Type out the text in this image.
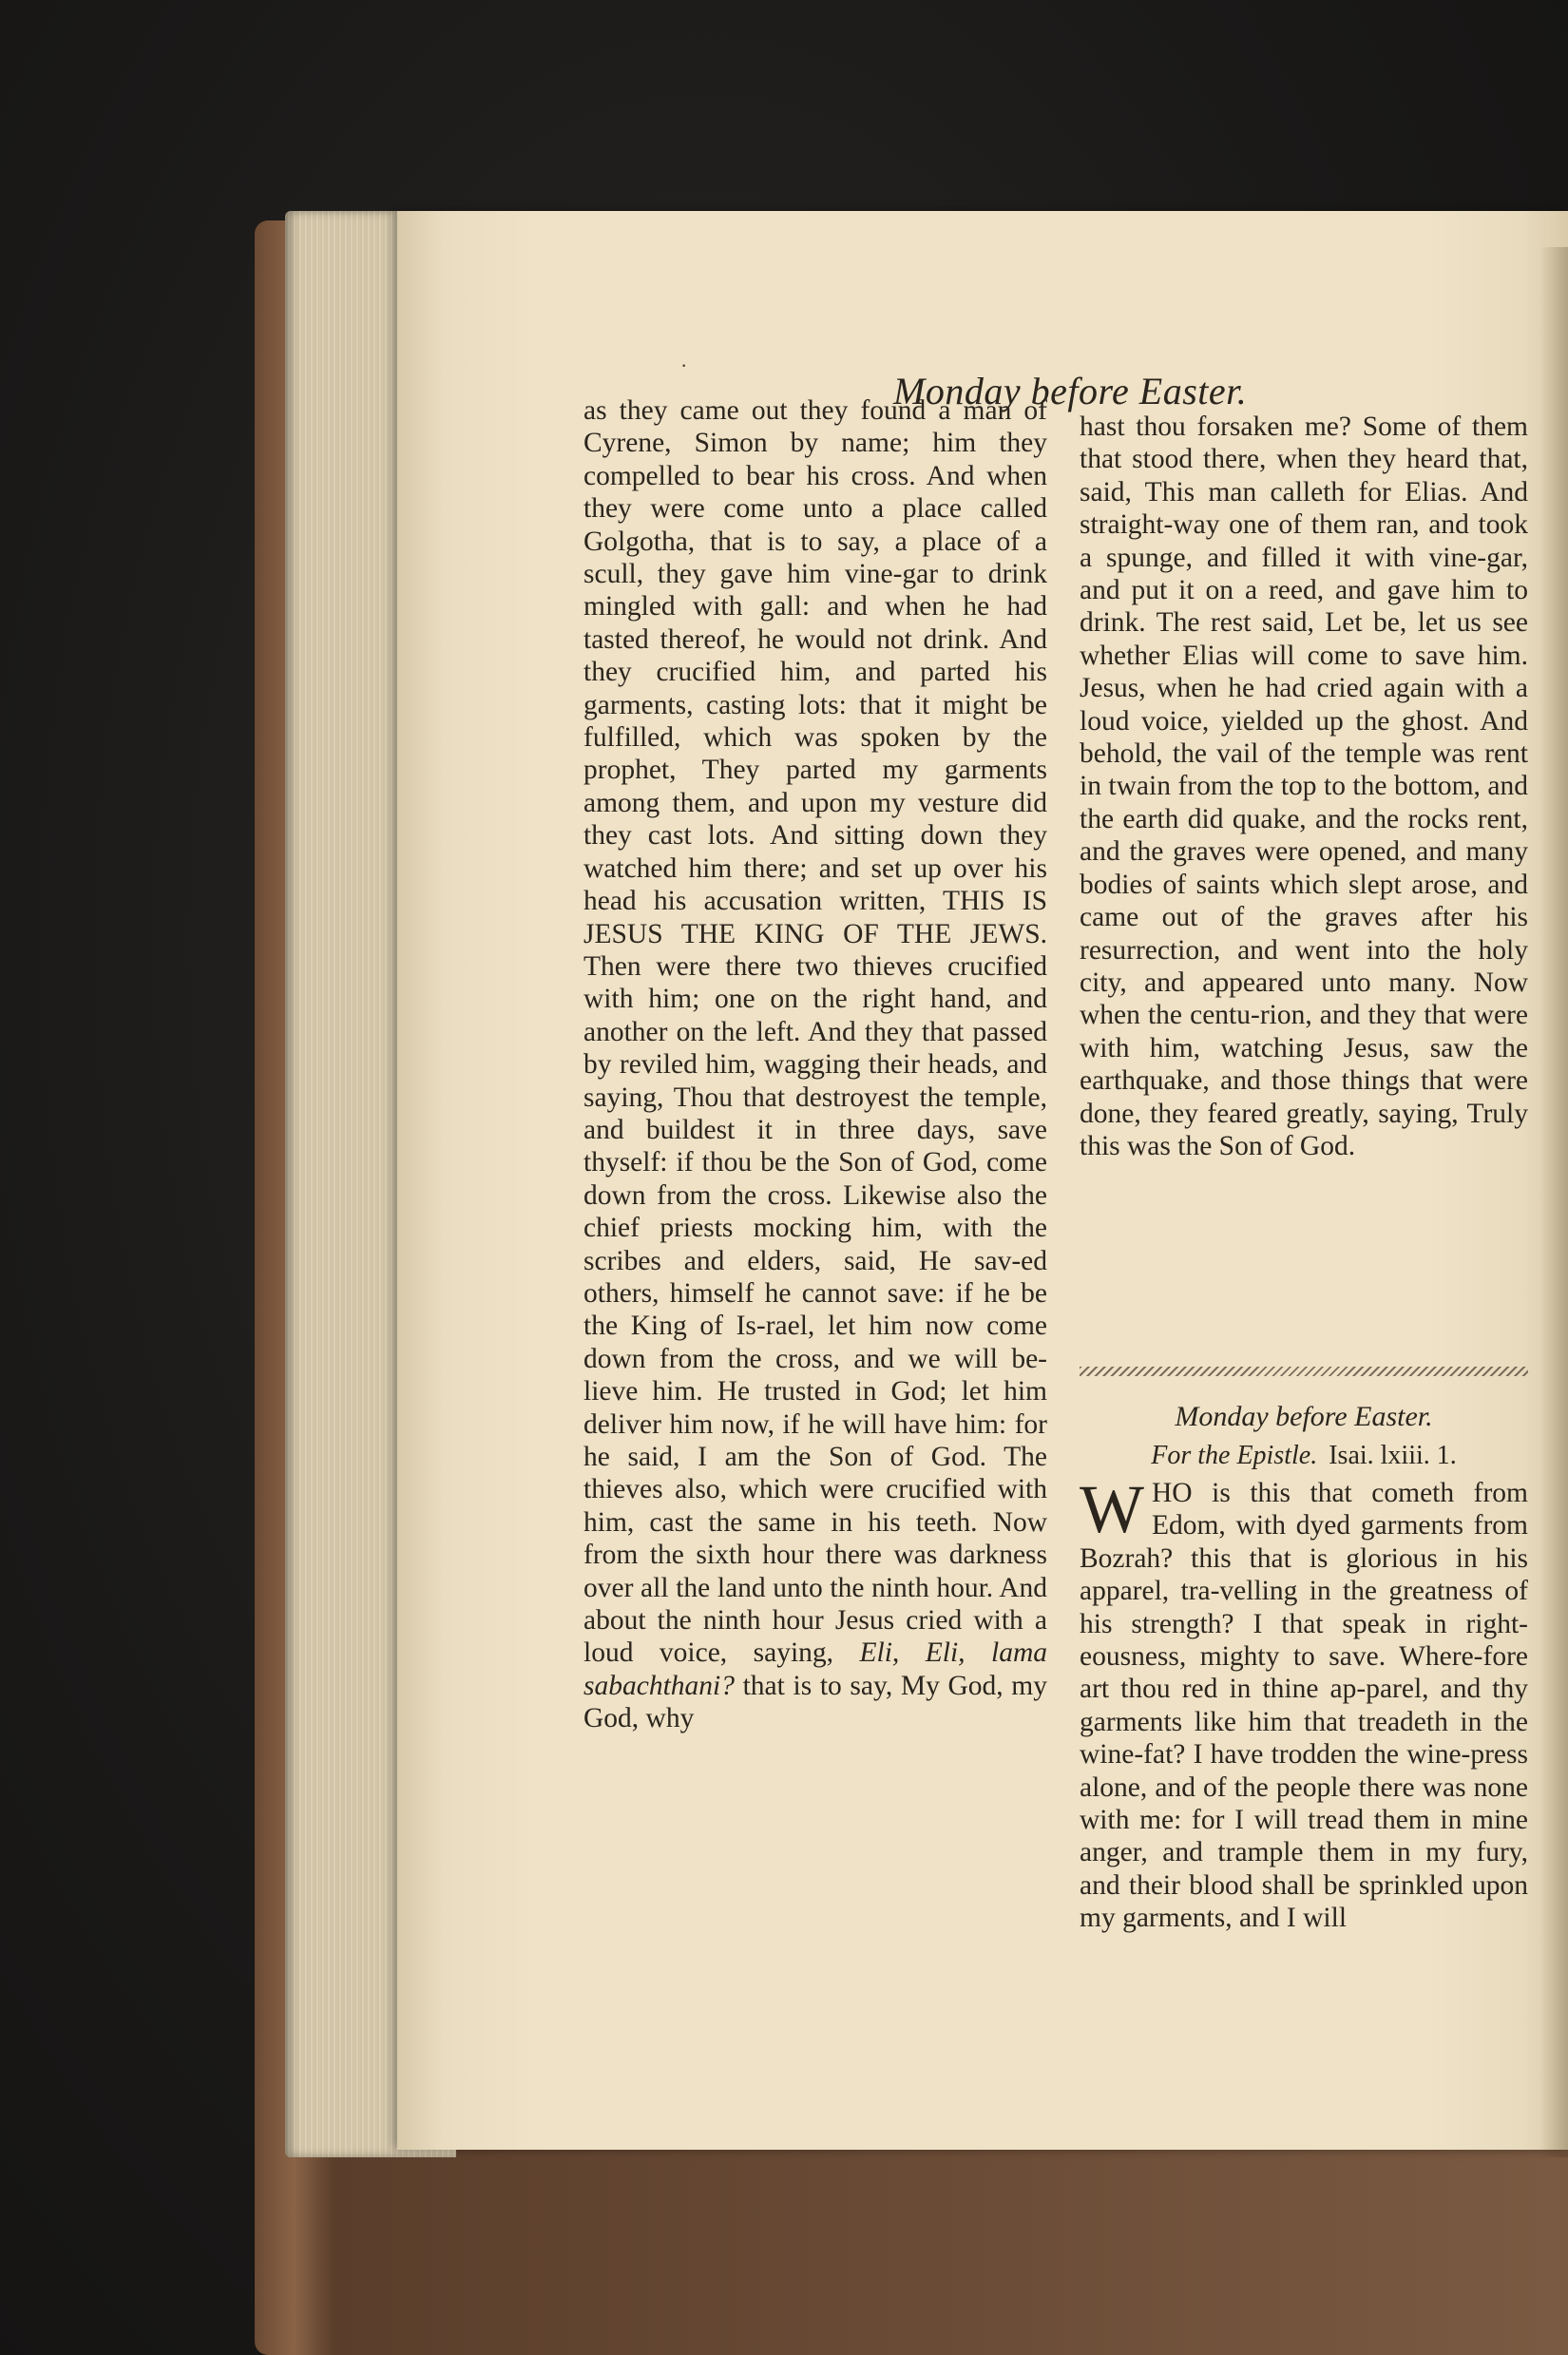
·
Monday before Easter.

as they came out they found a man of Cyrene, Simon by name; him they compelled to bear his cross. And when they were come unto a place called Golgotha, that is to say, a place of a scull, they gave him vine-gar to drink mingled with gall: and when he had tasted thereof, he would not drink. And they crucified him, and parted his garments, casting lots: that it might be fulfilled, which was spoken by the prophet, They parted my garments among them, and upon my vesture did they cast lots. And sitting down they watched him there; and set up over his head his accusation written, THIS IS JESUS THE KING OF THE JEWS. Then were there two thieves crucified with him; one on the right hand, and another on the left. And they that passed by reviled him, wagging their heads, and saying, Thou that destroyest the temple, and buildest it in three days, save thyself: if thou be the Son of God, come down from the cross. Likewise also the chief priests mocking him, with the scribes and elders, said, He sav-ed others, himself he cannot save: if he be the King of Is-rael, let him now come down from the cross, and we will be-lieve him. He trusted in God; let him deliver him now, if he will have him: for he said, I am the Son of God. The thieves also, which were crucified with him, cast the same in his teeth. Now from the sixth hour there was darkness over all the land unto the ninth hour. And about the ninth hour Jesus cried with a loud voice, saying, Eli, Eli, lama sabachthani? that is to say, My God, my God, why

hast thou forsaken me? Some of them that stood there, when they heard that, said, This man calleth for Elias. And straight-way one of them ran, and took a spunge, and filled it with vine-gar, and put it on a reed, and gave him to drink. The rest said, Let be, let us see whether Elias will come to save him. Jesus, when he had cried again with a loud voice, yielded up the ghost. And behold, the vail of the temple was rent in twain from the top to the bottom, and the earth did quake, and the rocks rent, and the graves were opened, and many bodies of saints which slept arose, and came out of the graves after his resurrection, and went into the holy city, and appeared unto many. Now when the centu-rion, and they that were with him, watching Jesus, saw the earthquake, and those things that were done, they feared greatly, saying, Truly this was the Son of God.

Monday before Easter.
For the Epistle. Isai. lxiii. 1.

WHO is this that cometh from Edom, with dyed garments from Bozrah? this that is glorious in his apparel, tra-velling in the greatness of his strength? I that speak in right-eousness, mighty to save. Where-fore art thou red in thine ap-parel, and thy garments like him that treadeth in the wine-fat? I have trodden the wine-press alone, and of the people there was none with me: for I will tread them in mine anger, and trample them in my fury, and their blood shall be sprinkled upon my garments, and I will
